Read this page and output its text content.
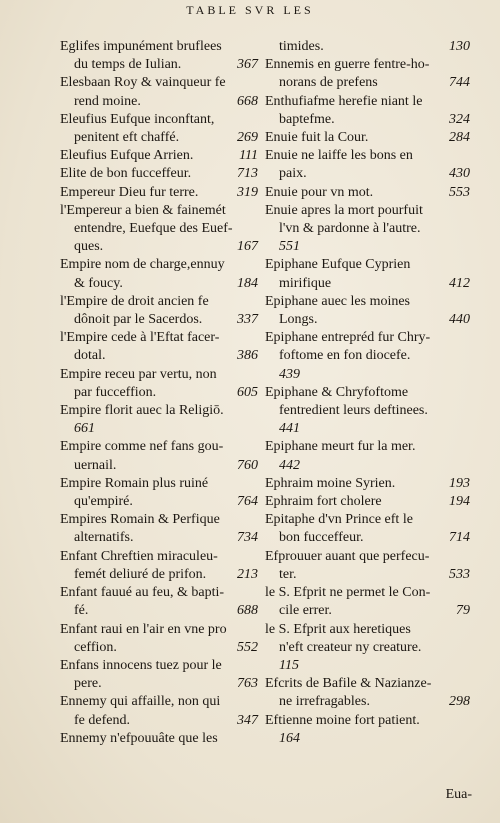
TABLE SVR LES
Eglifes impunément bruflees
367
du temps de Iulian.
Elesbaan Roy & vainqueur fe
668
rend moine.
Eleufius Eufque inconftant,
269
penitent eft chaffé.
111
Eleufius Eufque Arrien.
713
Elite de bon fucceffeur.
319
Empereur Dieu fur terre.
l'Empereur a bien & fainemét
entendre, Euefque des Euef-
167
ques.
Empire nom de charge,ennuy
184
& foucy.
l'Empire de droit ancien fe
337
dônoit par le Sacerdos.
l'Empire cede à l'Eftat facer-
386
dotal.
Empire receu par vertu, non
605
par fucceffion.
Empire florit auec la Religiō.
661
Empire comme nef fans gou-
760
uernail.
Empire Romain plus ruiné
764
qu'empiré.
Empires Romain & Perfique
734
alternatifs.
Enfant Chreftien miraculeu-
213
femét deliuré de prifon.
Enfant fauué au feu, & bapti-
688
fé.
Enfant raui en l'air en vne pro
552
ceffion.
Enfans innocens tuez pour le
763
pere.
Ennemy qui affaille, non qui
347
fe defend.
Ennemy n'efpouuâte que les
130
timides.
Ennemis en guerre fentre-ho-
744
norans de prefens
Enthufiafme herefie niant le
324
baptefme.
284
Enuie fuit la Cour.
Enuie ne laiffe les bons en
430
paix.
553
Enuie pour vn mot.
Enuie apres la mort pourfuit
l'vn & pardonne à l'autre.
551
Epiphane Eufque Cyprien
412
mirifique
Epiphane auec les moines
440
Longs.
Epiphane entrepréd fur Chry-
foftome en fon diocefe.
439
Epiphane & Chryfoftome
fentredient leurs deftinees.
441
Epiphane meurt fur la mer.
442
193
Ephraim moine Syrien.
194
Ephraim fort cholere
Epitaphe d'vn Prince eft le
714
bon fucceffeur.
Efprouuer auant que perfecu-
533
ter.
le S. Efprit ne permet le Con-
79
cile errer.
le S. Efprit aux heretiques
n'eft createur ny creature.
115
Efcrits de Bafile & Nazianze-
298
ne irrefragables.
Eftienne moine fort patient.
164
Eua-
